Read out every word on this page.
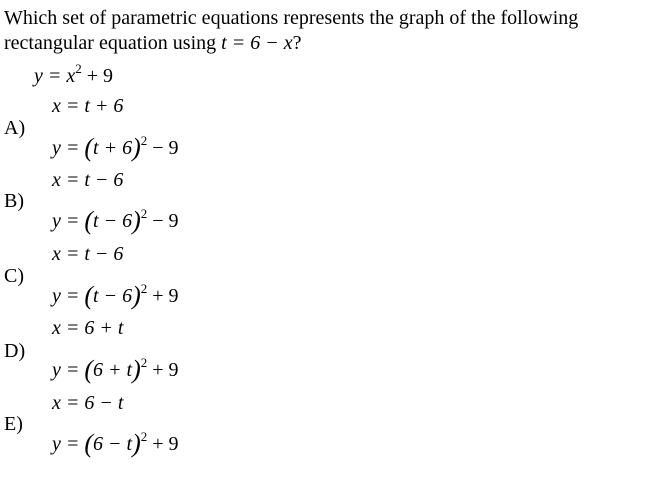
Which set of parametric equations represents the graph of the following rectangular equation using t = 6 − x?
$y = x^2 + 9$
x = t + 6
A)
$y = (t + 6)^2 - 9$
x = t − 6
B)
$y = (t - 6)^2 - 9$
x = t − 6
C)
$y = (t - 6)^2 + 9$
x = 6 + t
D)
$y = (6 + t)^2 + 9$
x = 6 − t
E)
$y = (6 - t)^2 + 9$
